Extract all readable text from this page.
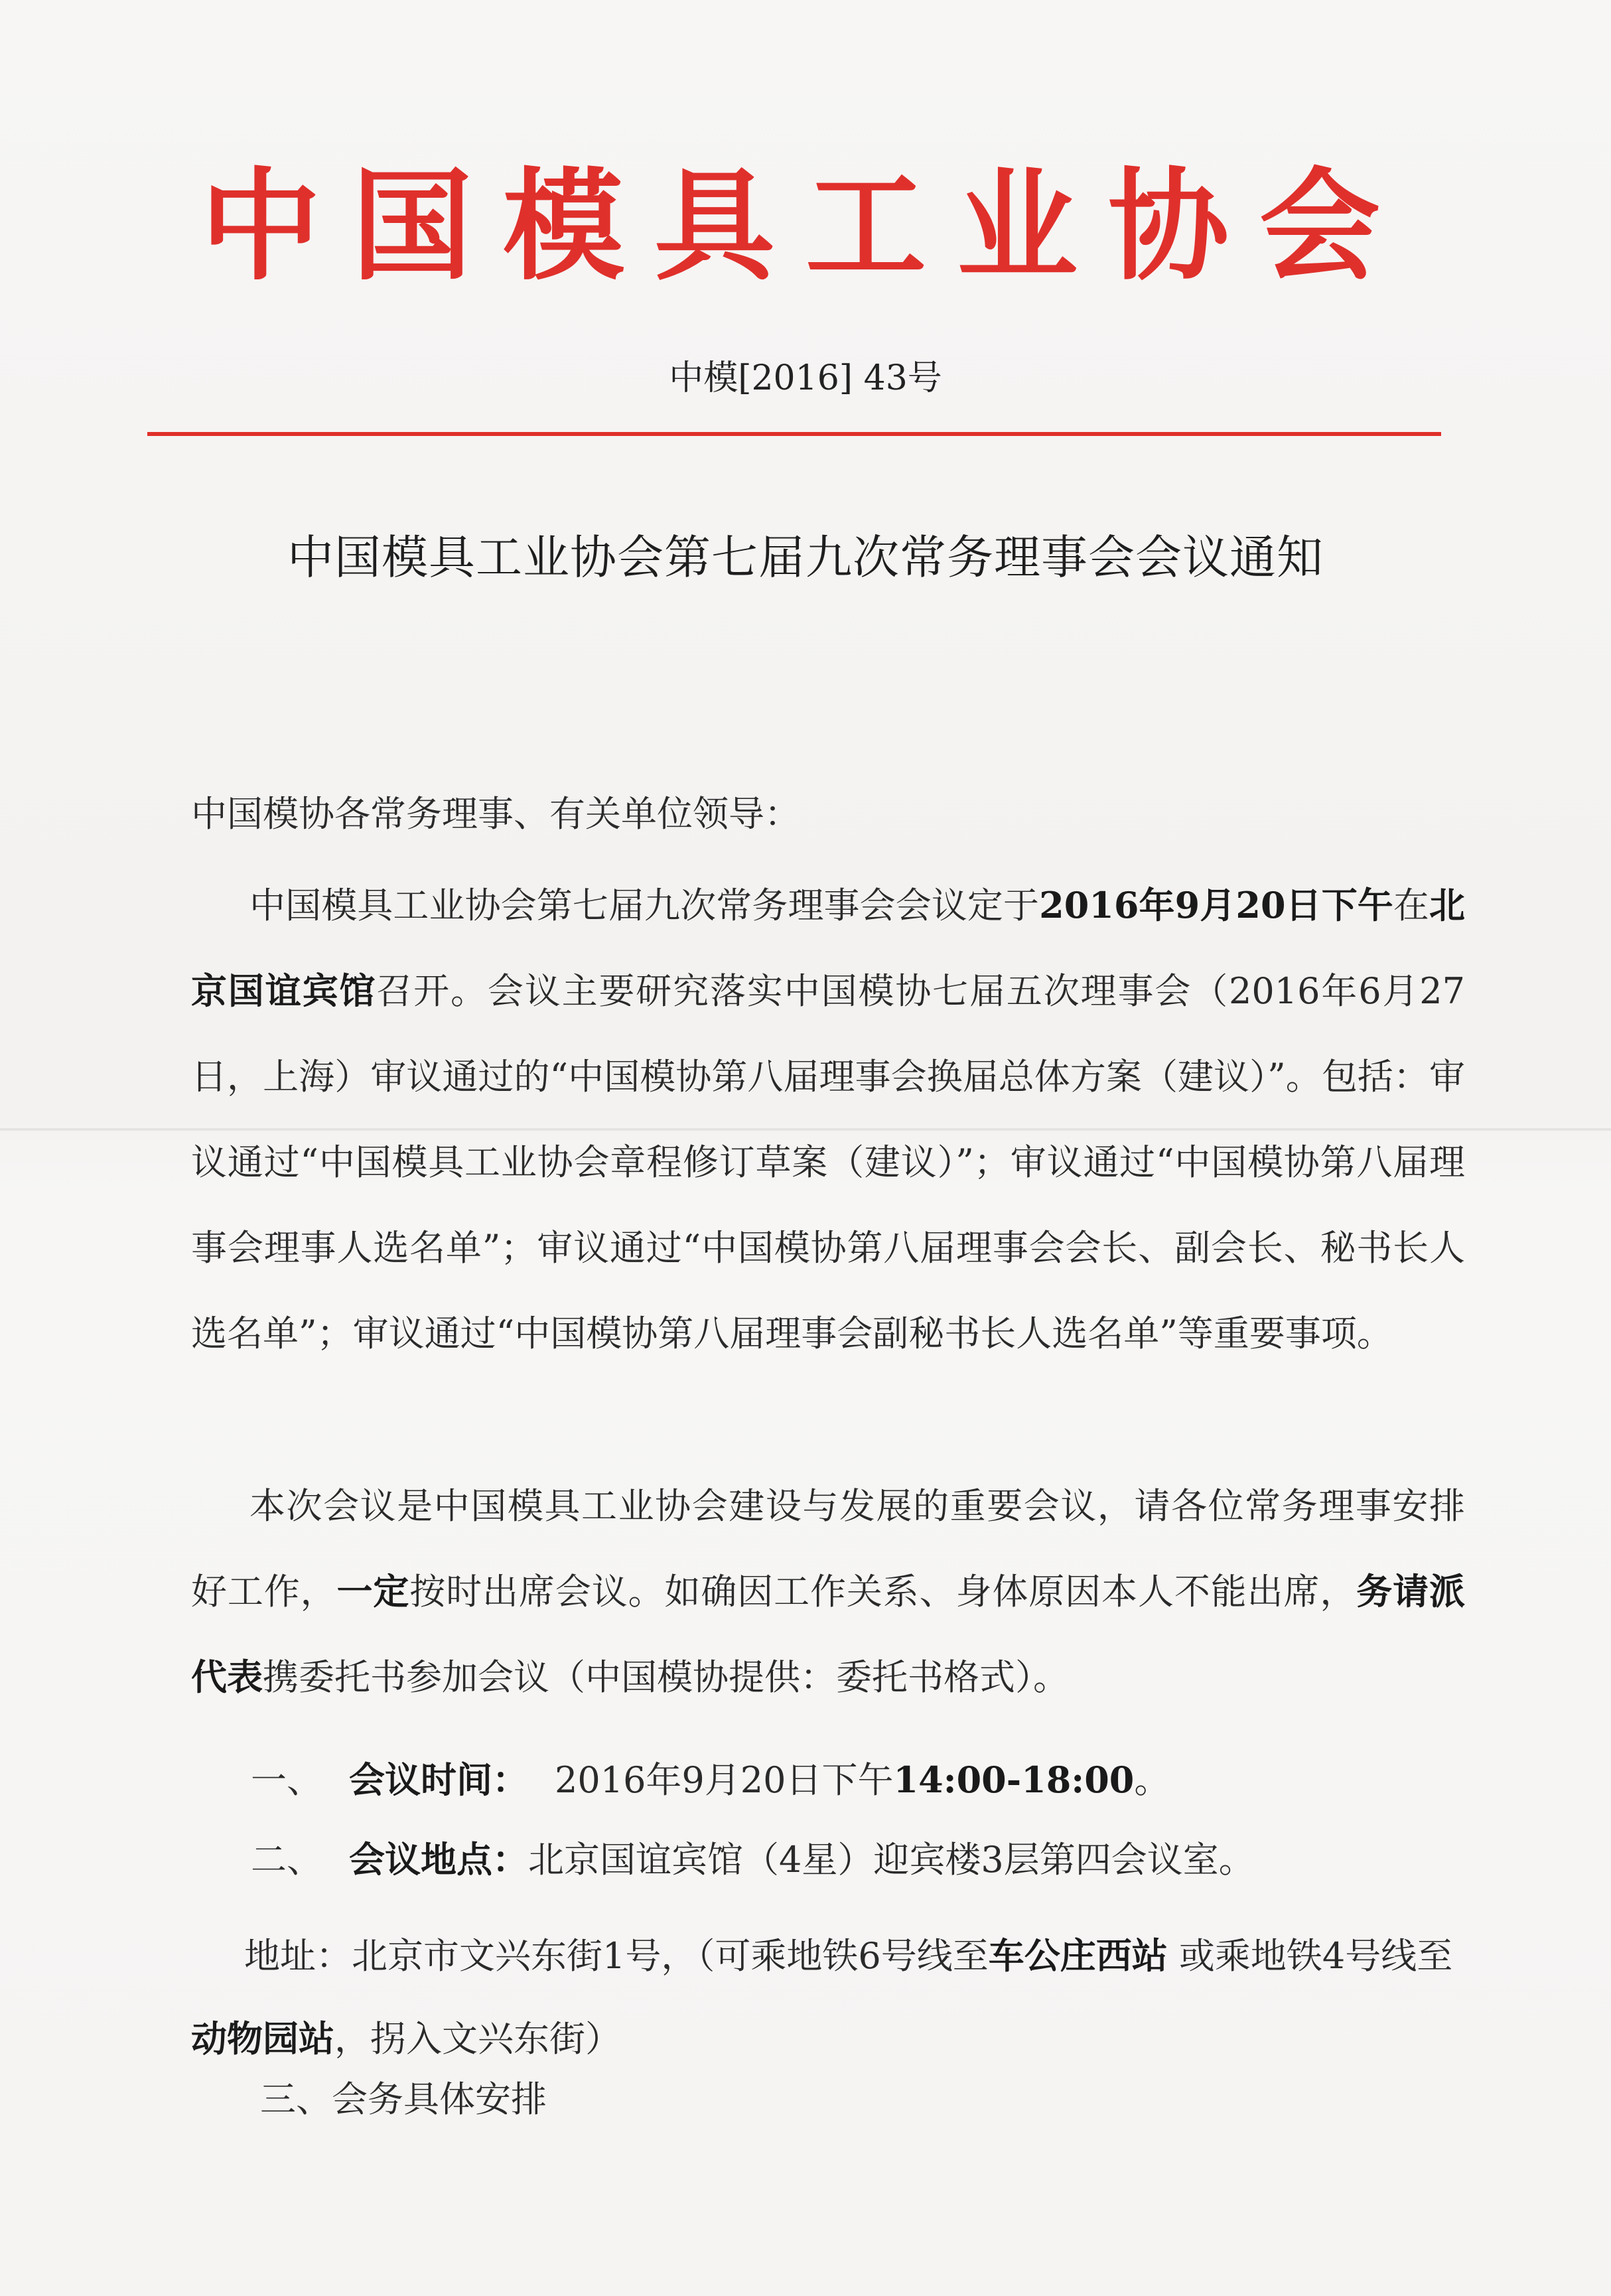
中国模具工业协会
中模[2016] 43号
中国模具工业协会第七届九次常务理事会会议通知
中国模协各常务理事、有关单位领导：

中国模具工业协会第七届九次常务理事会会议定于2016年9月20日下午在北京国谊宾馆召开。会议主要研究落实中国模协七届五次理事会（2016年6月27日，上海）审议通过的“中国模协第八届理事会换届总体方案（建议）”。包括：审议通过“中国模具工业协会章程修订草案（建议）”；审议通过“中国模协第八届理事会理事人选名单”；审议通过“中国模协第八届理事会会长、副会长、秘书长人选名单”；审议通过“中国模协第八届理事会副秘书长人选名单”等重要事项。

本次会议是中国模具工业协会建设与发展的重要会议，请各位常务理事安排好工作，一定按时出席会议。如确因工作关系、身体原因本人不能出席，务请派代表携委托书参加会议（中国模协提供：委托书格式）。

一、 会议时间： 2016年9月20日下午14:00-18:00。
二、 会议地点：北京国谊宾馆（4星）迎宾楼3层第四会议室。
地址：北京市文兴东街1号，（可乘地铁6号线至车公庄西站 或乘地铁4号线至动物园站，拐入文兴东街）
三、会务具体安排
